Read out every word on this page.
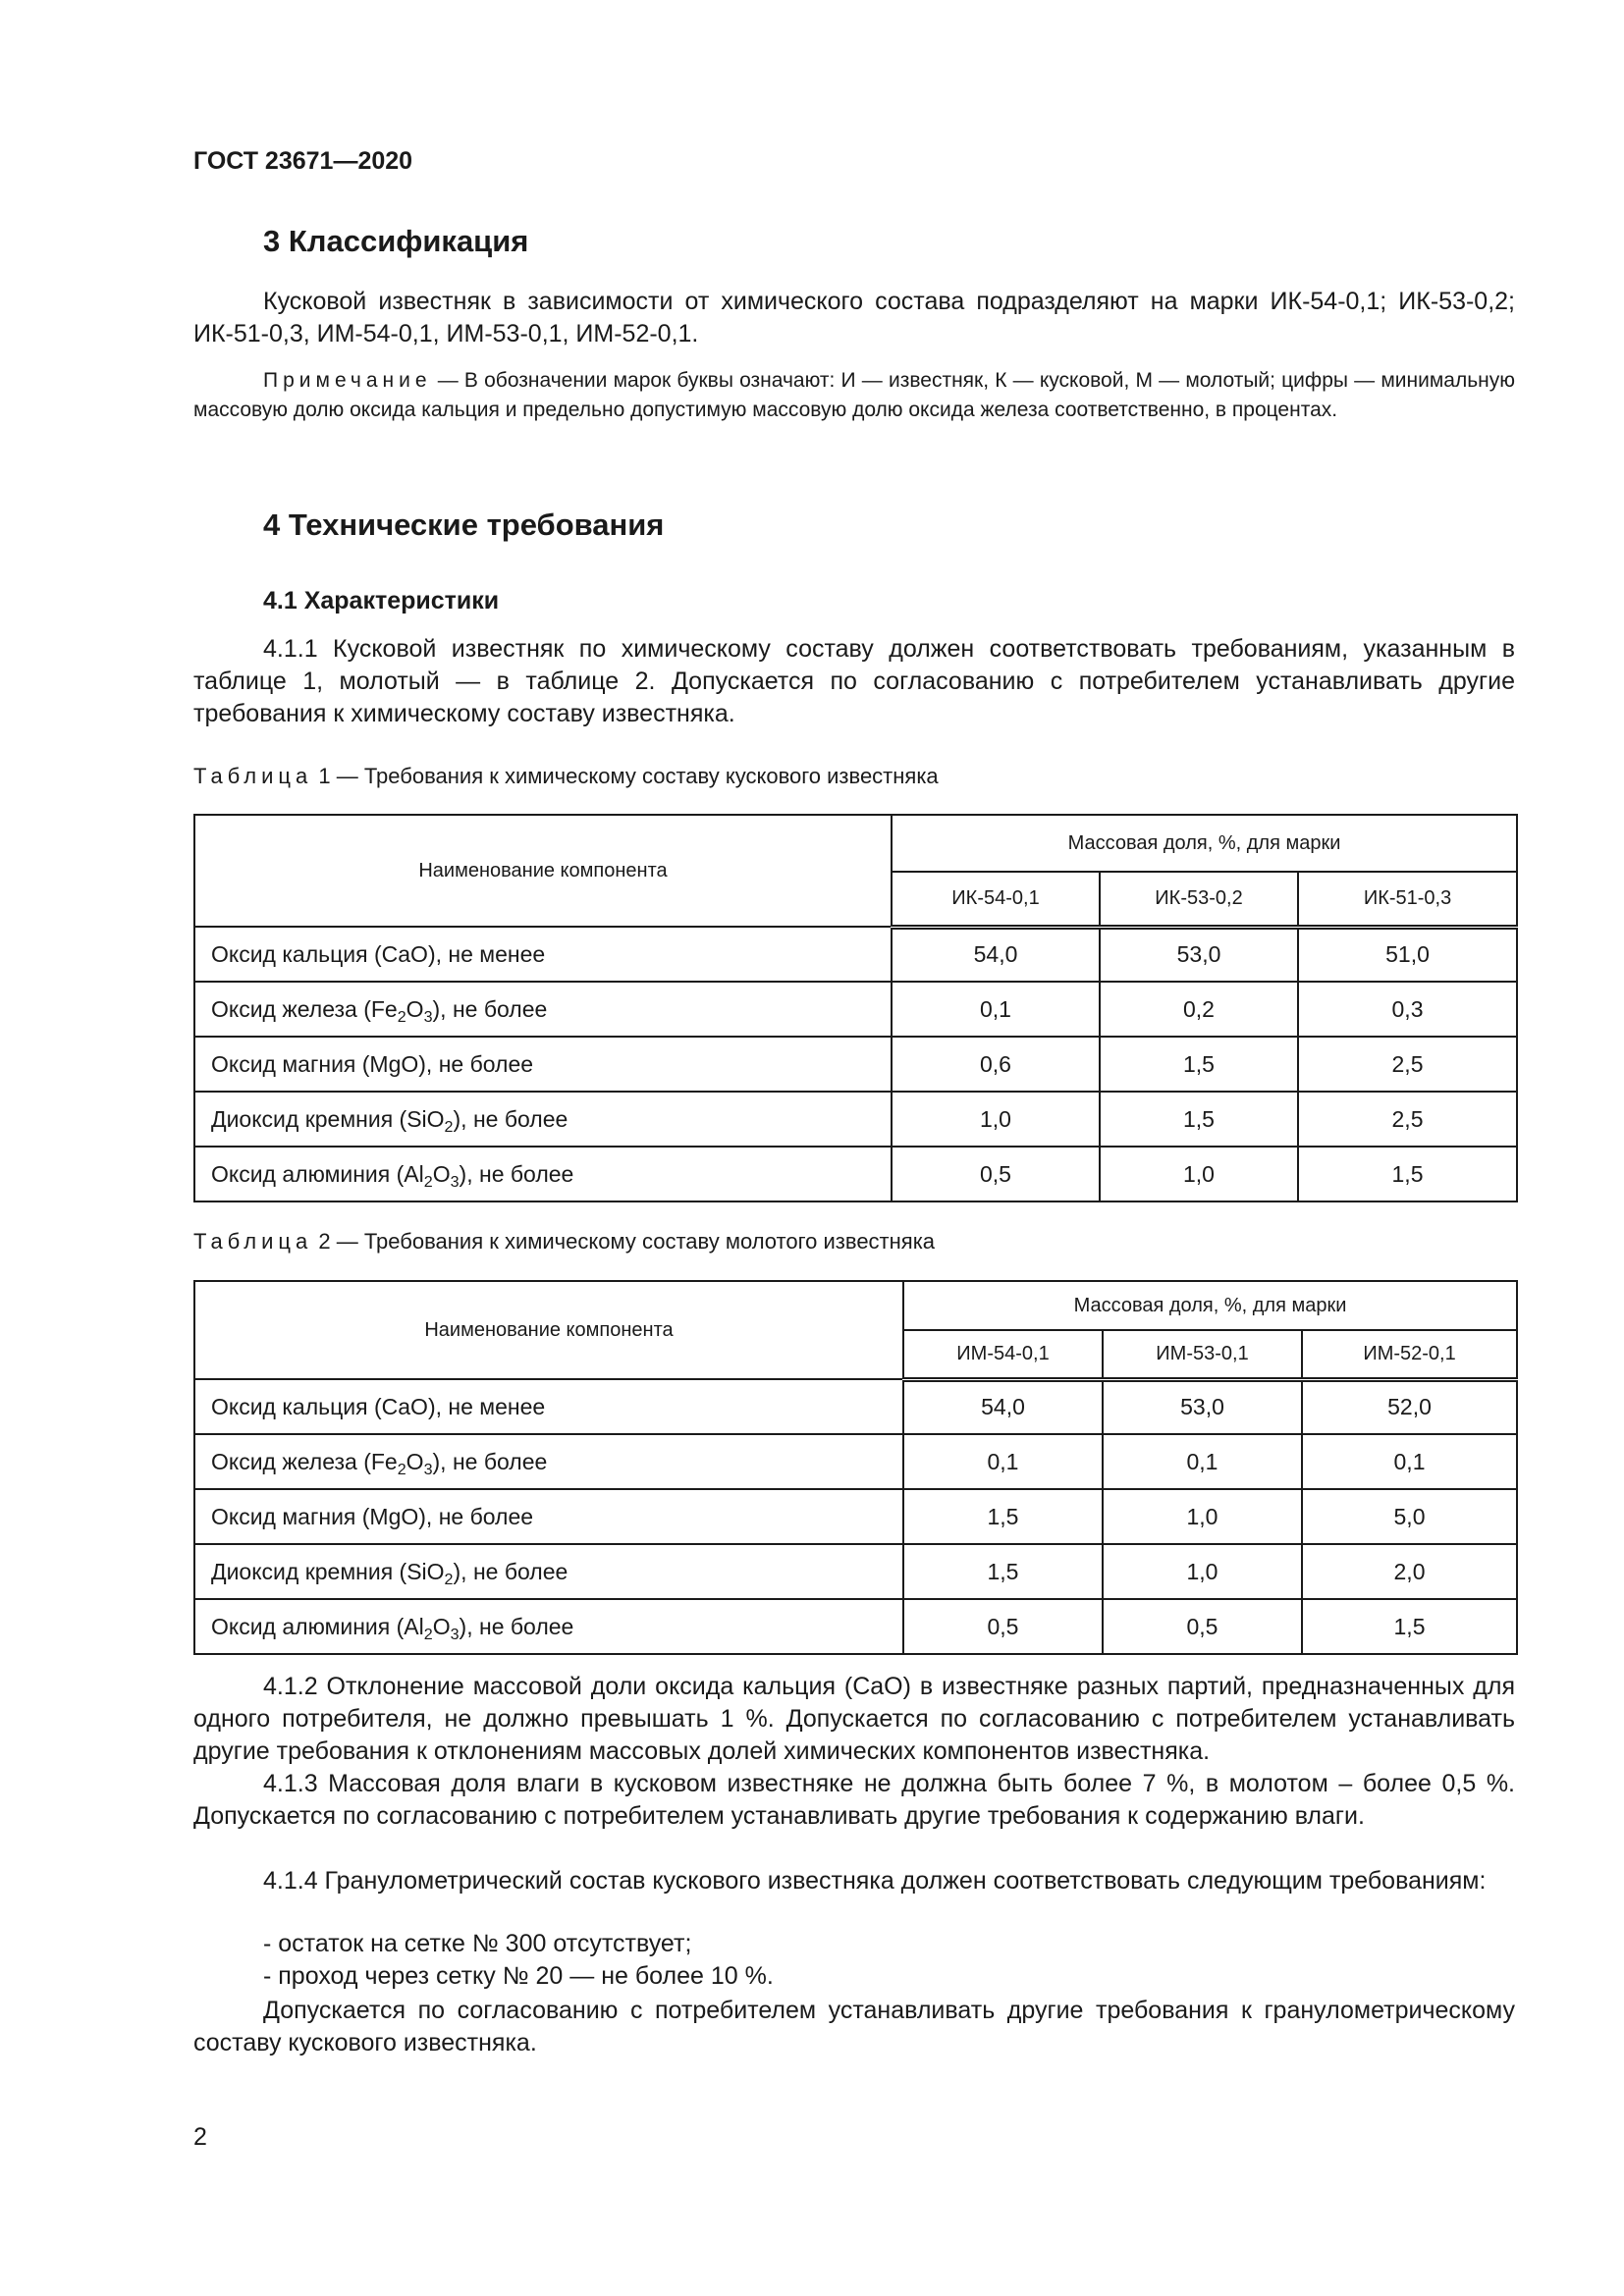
ГОСТ 23671—2020
3 Классификация
Кусковой известняк в зависимости от химического состава подразделяют на марки ИК-54-0,1; ИК-53-0,2; ИК-51-0,3, ИМ-54-0,1, ИМ-53-0,1, ИМ-52-0,1.
Примечание — В обозначении марок буквы означают: И — известняк, К — кусковой, М — молотый; цифры — минимальную массовую долю оксида кальция и предельно допустимую массовую долю оксида железа соответственно, в процентах.
4 Технические требования
4.1 Характеристики
4.1.1 Кусковой известняк по химическому составу должен соответствовать требованиям, указанным в таблице 1, молотый — в таблице 2. Допускается по согласованию с потребителем устанавливать другие требования к химическому составу известняка.
Таблица 1 — Требования к химическому составу кускового известняка
Наименование компонента	Массовая доля, %, для марки		
	ИК-54-0,1	ИК-53-0,2	ИК-51-0,3
Оксид кальция (CaO), не менее	54,0	53,0	51,0
Оксид железа $(Fe_2O_3)$, не более	0,1	0,2	0,3
Оксид магния (MgO), не более	0,6	1,5	2,5
Диоксид кремния (SiO$_2$), не более	1,0	1,5	2,5
Оксид алюминия $(Al_2O_3)$, не более	0,5	1,0	1,5
Таблица 2 — Требования к химическому составу молотого известняка
Наименование компонента	Массовая доля, %, для марки		
	ИМ-54-0,1	ИМ-53-0,1	ИМ-52-0,1
Оксид кальция (CaO), не менее	54,0	53,0	52,0
Оксид железа $(Fe_2O_3)$, не более	0,1	0,1	0,1
Оксид магния (MgO), не более	1,5	1,0	5,0
Диоксид кремния (SiO$_2$), не более	1,5	1,0	2,0
Оксид алюминия $(Al_2O_3)$, не более	0,5	0,5	1,5
4.1.2 Отклонение массовой доли оксида кальция (CaO) в известняке разных партий, предназначенных для одного потребителя, не должно превышать 1 %. Допускается по согласованию с потребителем устанавливать другие требования к отклонениям массовых долей химических компонентов известняка.
4.1.3 Массовая доля влаги в кусковом известняке не должна быть более 7 %, в молотом – более 0,5 %. Допускается по согласованию с потребителем устанавливать другие требования к содержанию влаги.
4.1.4 Гранулометрический состав кускового известняка должен соответствовать следующим требованиям:
- остаток на сетке № 300 отсутствует;
- проход через сетку № 20 — не более 10 %.
Допускается по согласованию с потребителем устанавливать другие требования к гранулометрическому составу кускового известняка.
2
